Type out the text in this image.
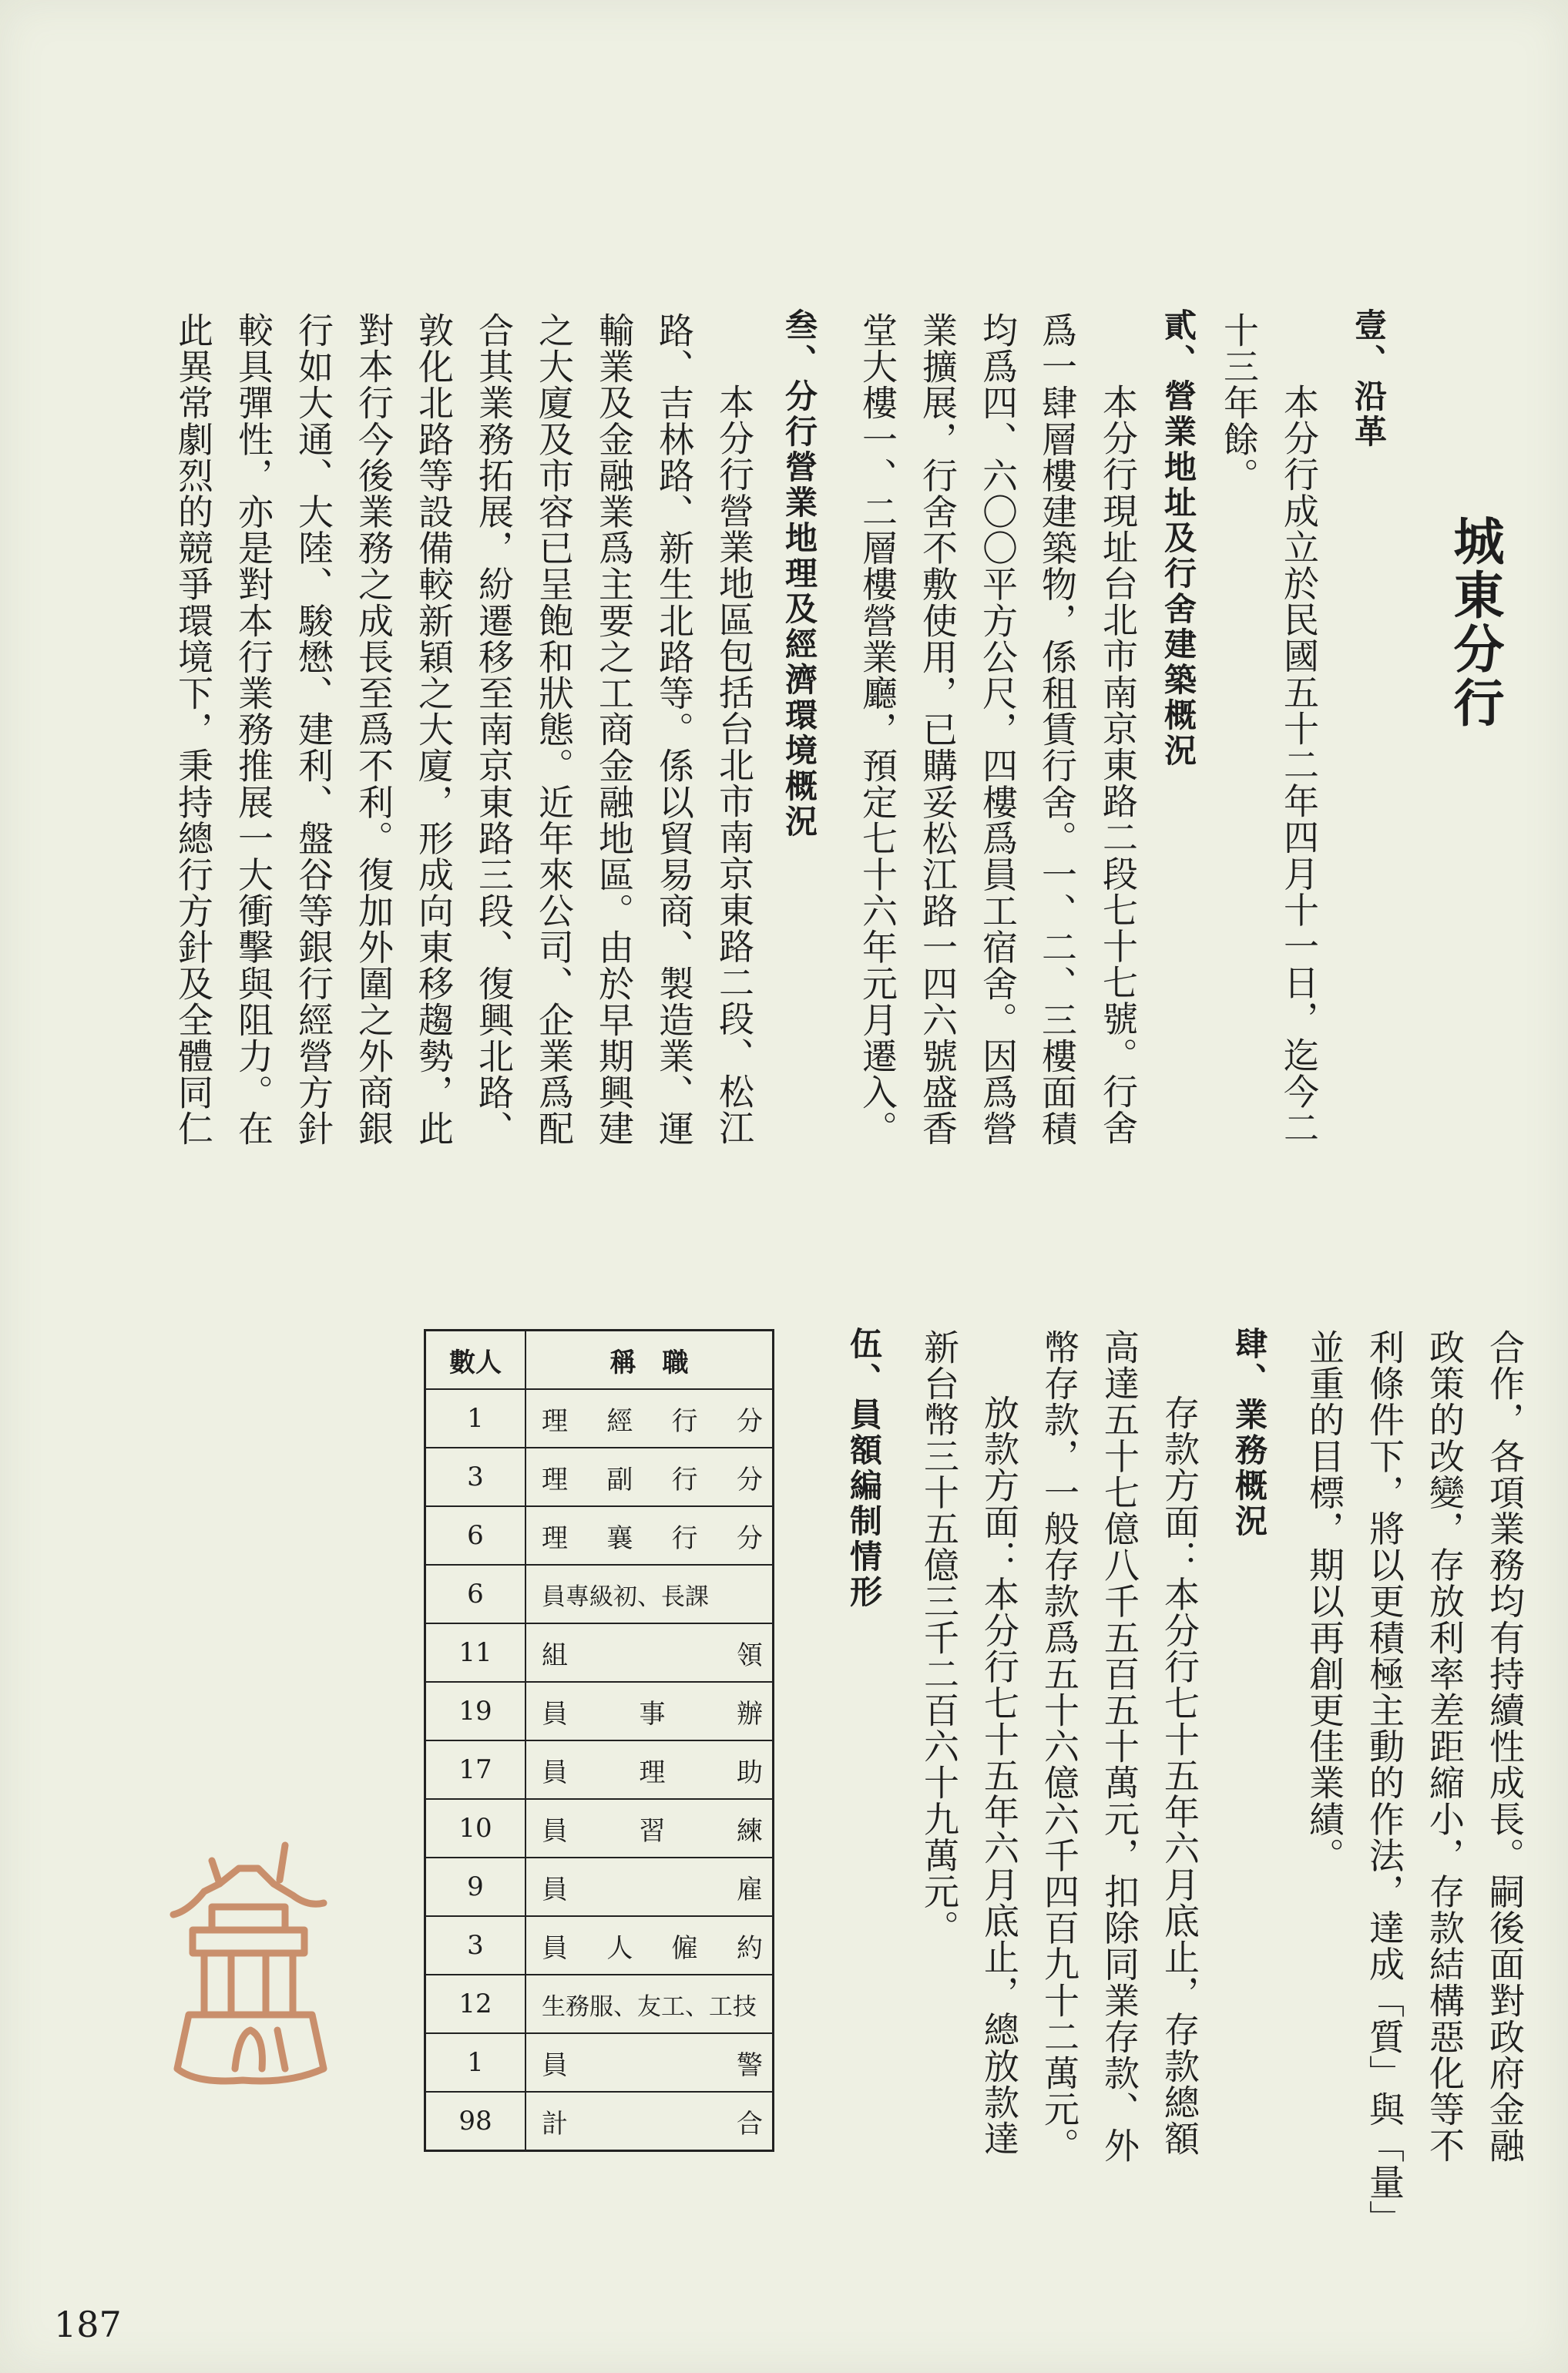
城東分行
壹、沿革
本分行成立於民國五十二年四月十一日，迄今二
十三年餘。
貳、營業地址及行舍建築概況
本分行現址台北市南京東路二段七十七號。行舍
爲一肆層樓建築物，係租賃行舍。一、二、三樓面積
均爲四、六〇〇平方公尺，四樓爲員工宿舍。因爲營
業擴展，行舍不敷使用，已購妥松江路一四六號盛香
堂大樓一、二層樓營業廳，預定七十六年元月遷入。
叁、分行營業地理及經濟環境概況
本分行營業地區包括台北市南京東路二段、松江
路、吉林路、新生北路等。係以貿易商、製造業、運
輸業及金融業爲主要之工商金融地區。由於早期興建
之大廈及市容已呈飽和狀態。近年來公司、企業爲配
合其業務拓展，紛遷移至南京東路三段、復興北路、
敦化北路等設備較新穎之大廈，形成向東移趨勢，此
對本行今後業務之成長至爲不利。復加外圍之外商銀
行如大通、大陸、駿懋、建利、盤谷等銀行經營方針
較具彈性，亦是對本行業務推展一大衝擊與阻力。在
此異常劇烈的競爭環境下，秉持總行方針及全體同仁
合作，各項業務均有持續性成長。嗣後面對政府金融
政策的改變，存放利率差距縮小，存款結構惡化等不
利條件下，將以更積極主動的作法，達成「質」與「量」
並重的目標，期以再創更佳業績。
肆、業務概況
存款方面：本分行七十五年六月底止，存款總額
高達五十七億八千五百五十萬元，扣除同業存款、外
幣存款，一般存款爲五十六億六千四百九十二萬元。
放款方面：本分行七十五年六月底止，總放款達
新台幣三十五億三千二百六十九萬元。
伍、員額編制情形
數人	稱　職
1	理 經 行 分

3	理 副 行 分

6	理 襄 行 分

6	員專級初、長課

11	組 領

19	員 事 辦

17	員 理 助

10	員 習 練

9	員 雇

3	員 人 僱 約

12	生務服、友工、工技

1	員 警

98	計 合
187
